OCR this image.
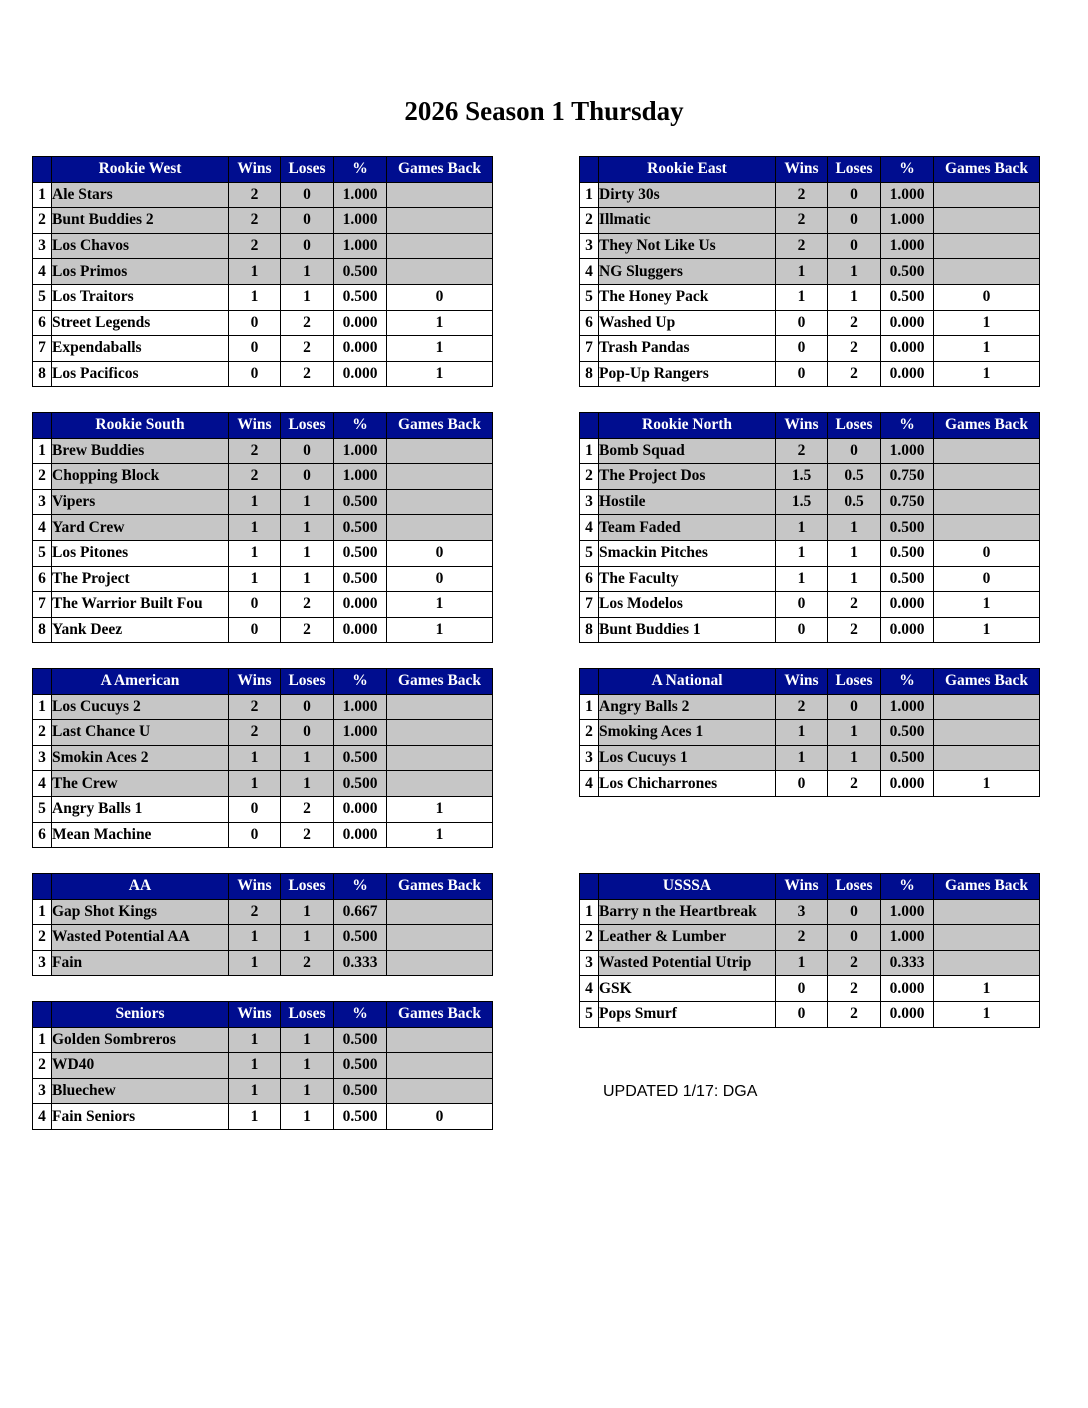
2026 Season 1 Thursday
	Rookie West	Wins	Loses	%	Games Back
1	Ale Stars	2	0	1.000	
2	Bunt Buddies 2	2	0	1.000	
3	Los Chavos	2	0	1.000	
4	Los Primos	1	1	0.500	
5	Los Traitors	1	1	0.500	0
6	Street Legends	0	2	0.000	1
7	Expendaballs	0	2	0.000	1
8	Los Pacificos	0	2	0.000	1
	Rookie East	Wins	Loses	%	Games Back
1	Dirty 30s	2	0	1.000	
2	Illmatic	2	0	1.000	
3	They Not Like Us	2	0	1.000	
4	NG Sluggers	1	1	0.500	
5	The Honey Pack	1	1	0.500	0
6	Washed Up	0	2	0.000	1
7	Trash Pandas	0	2	0.000	1
8	Pop-Up Rangers	0	2	0.000	1
	Rookie South	Wins	Loses	%	Games Back
1	Brew Buddies	2	0	1.000	
2	Chopping Block	2	0	1.000	
3	Vipers	1	1	0.500	
4	Yard Crew	1	1	0.500	
5	Los Pitones	1	1	0.500	0
6	The Project	1	1	0.500	0
7	The Warrior Built Fou	0	2	0.000	1
8	Yank Deez	0	2	0.000	1
	Rookie North	Wins	Loses	%	Games Back
1	Bomb Squad	2	0	1.000	
2	The Project Dos	1.5	0.5	0.750	
3	Hostile	1.5	0.5	0.750	
4	Team Faded	1	1	0.500	
5	Smackin Pitches	1	1	0.500	0
6	The Faculty	1	1	0.500	0
7	Los Modelos	0	2	0.000	1
8	Bunt Buddies 1	0	2	0.000	1
	A American	Wins	Loses	%	Games Back
1	Los Cucuys 2	2	0	1.000	
2	Last Chance U	2	0	1.000	
3	Smokin Aces 2	1	1	0.500	
4	The Crew	1	1	0.500	
5	Angry Balls 1	0	2	0.000	1
6	Mean Machine	0	2	0.000	1
	A National	Wins	Loses	%	Games Back
1	Angry Balls 2	2	0	1.000	
2	Smoking Aces 1	1	1	0.500	
3	Los Cucuys 1	1	1	0.500	
4	Los Chicharrones	0	2	0.000	1
	AA	Wins	Loses	%	Games Back
1	Gap Shot Kings	2	1	0.667	
2	Wasted Potential AA	1	1	0.500	
3	Fain	1	2	0.333	
	USSSA	Wins	Loses	%	Games Back
1	Barry n the Heartbreak	3	0	1.000	
2	Leather & Lumber	2	0	1.000	
3	Wasted Potential Utrip	1	2	0.333	
4	GSK	0	2	0.000	1
5	Pops Smurf	0	2	0.000	1
	Seniors	Wins	Loses	%	Games Back
1	Golden Sombreros	1	1	0.500	
2	WD40	1	1	0.500	
3	Bluechew	1	1	0.500	
4	Fain Seniors	1	1	0.500	0
UPDATED 1/17: DGA
